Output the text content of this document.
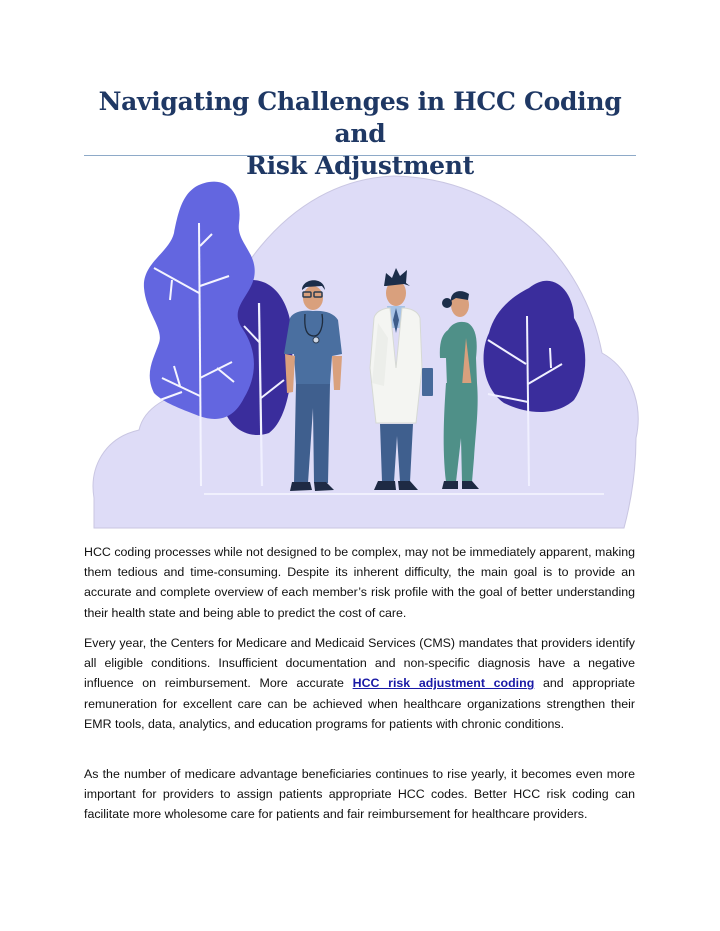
Navigating Challenges in HCC Coding and
Risk Adjustment

HCC coding processes while not designed to be complex, may not be immediately apparent, making them tedious and time-consuming. Despite its inherent difficulty, the main goal is to provide an accurate and complete overview of each member’s risk profile with the goal of better understanding their health state and being able to predict the cost of care.

Every year, the Centers for Medicare and Medicaid Services (CMS) mandates that providers identify all eligible conditions. Insufficient documentation and non-specific diagnosis have a negative influence on reimbursement. More accurate HCC risk adjustment coding and appropriate remuneration for excellent care can be achieved when healthcare organizations strengthen their EMR tools, data, analytics, and education programs for patients with chronic conditions.

As the number of medicare advantage beneficiaries continues to rise yearly, it becomes even more important for providers to assign patients appropriate HCC codes. Better HCC risk coding can facilitate more wholesome care for patients and fair reimbursement for healthcare providers.
